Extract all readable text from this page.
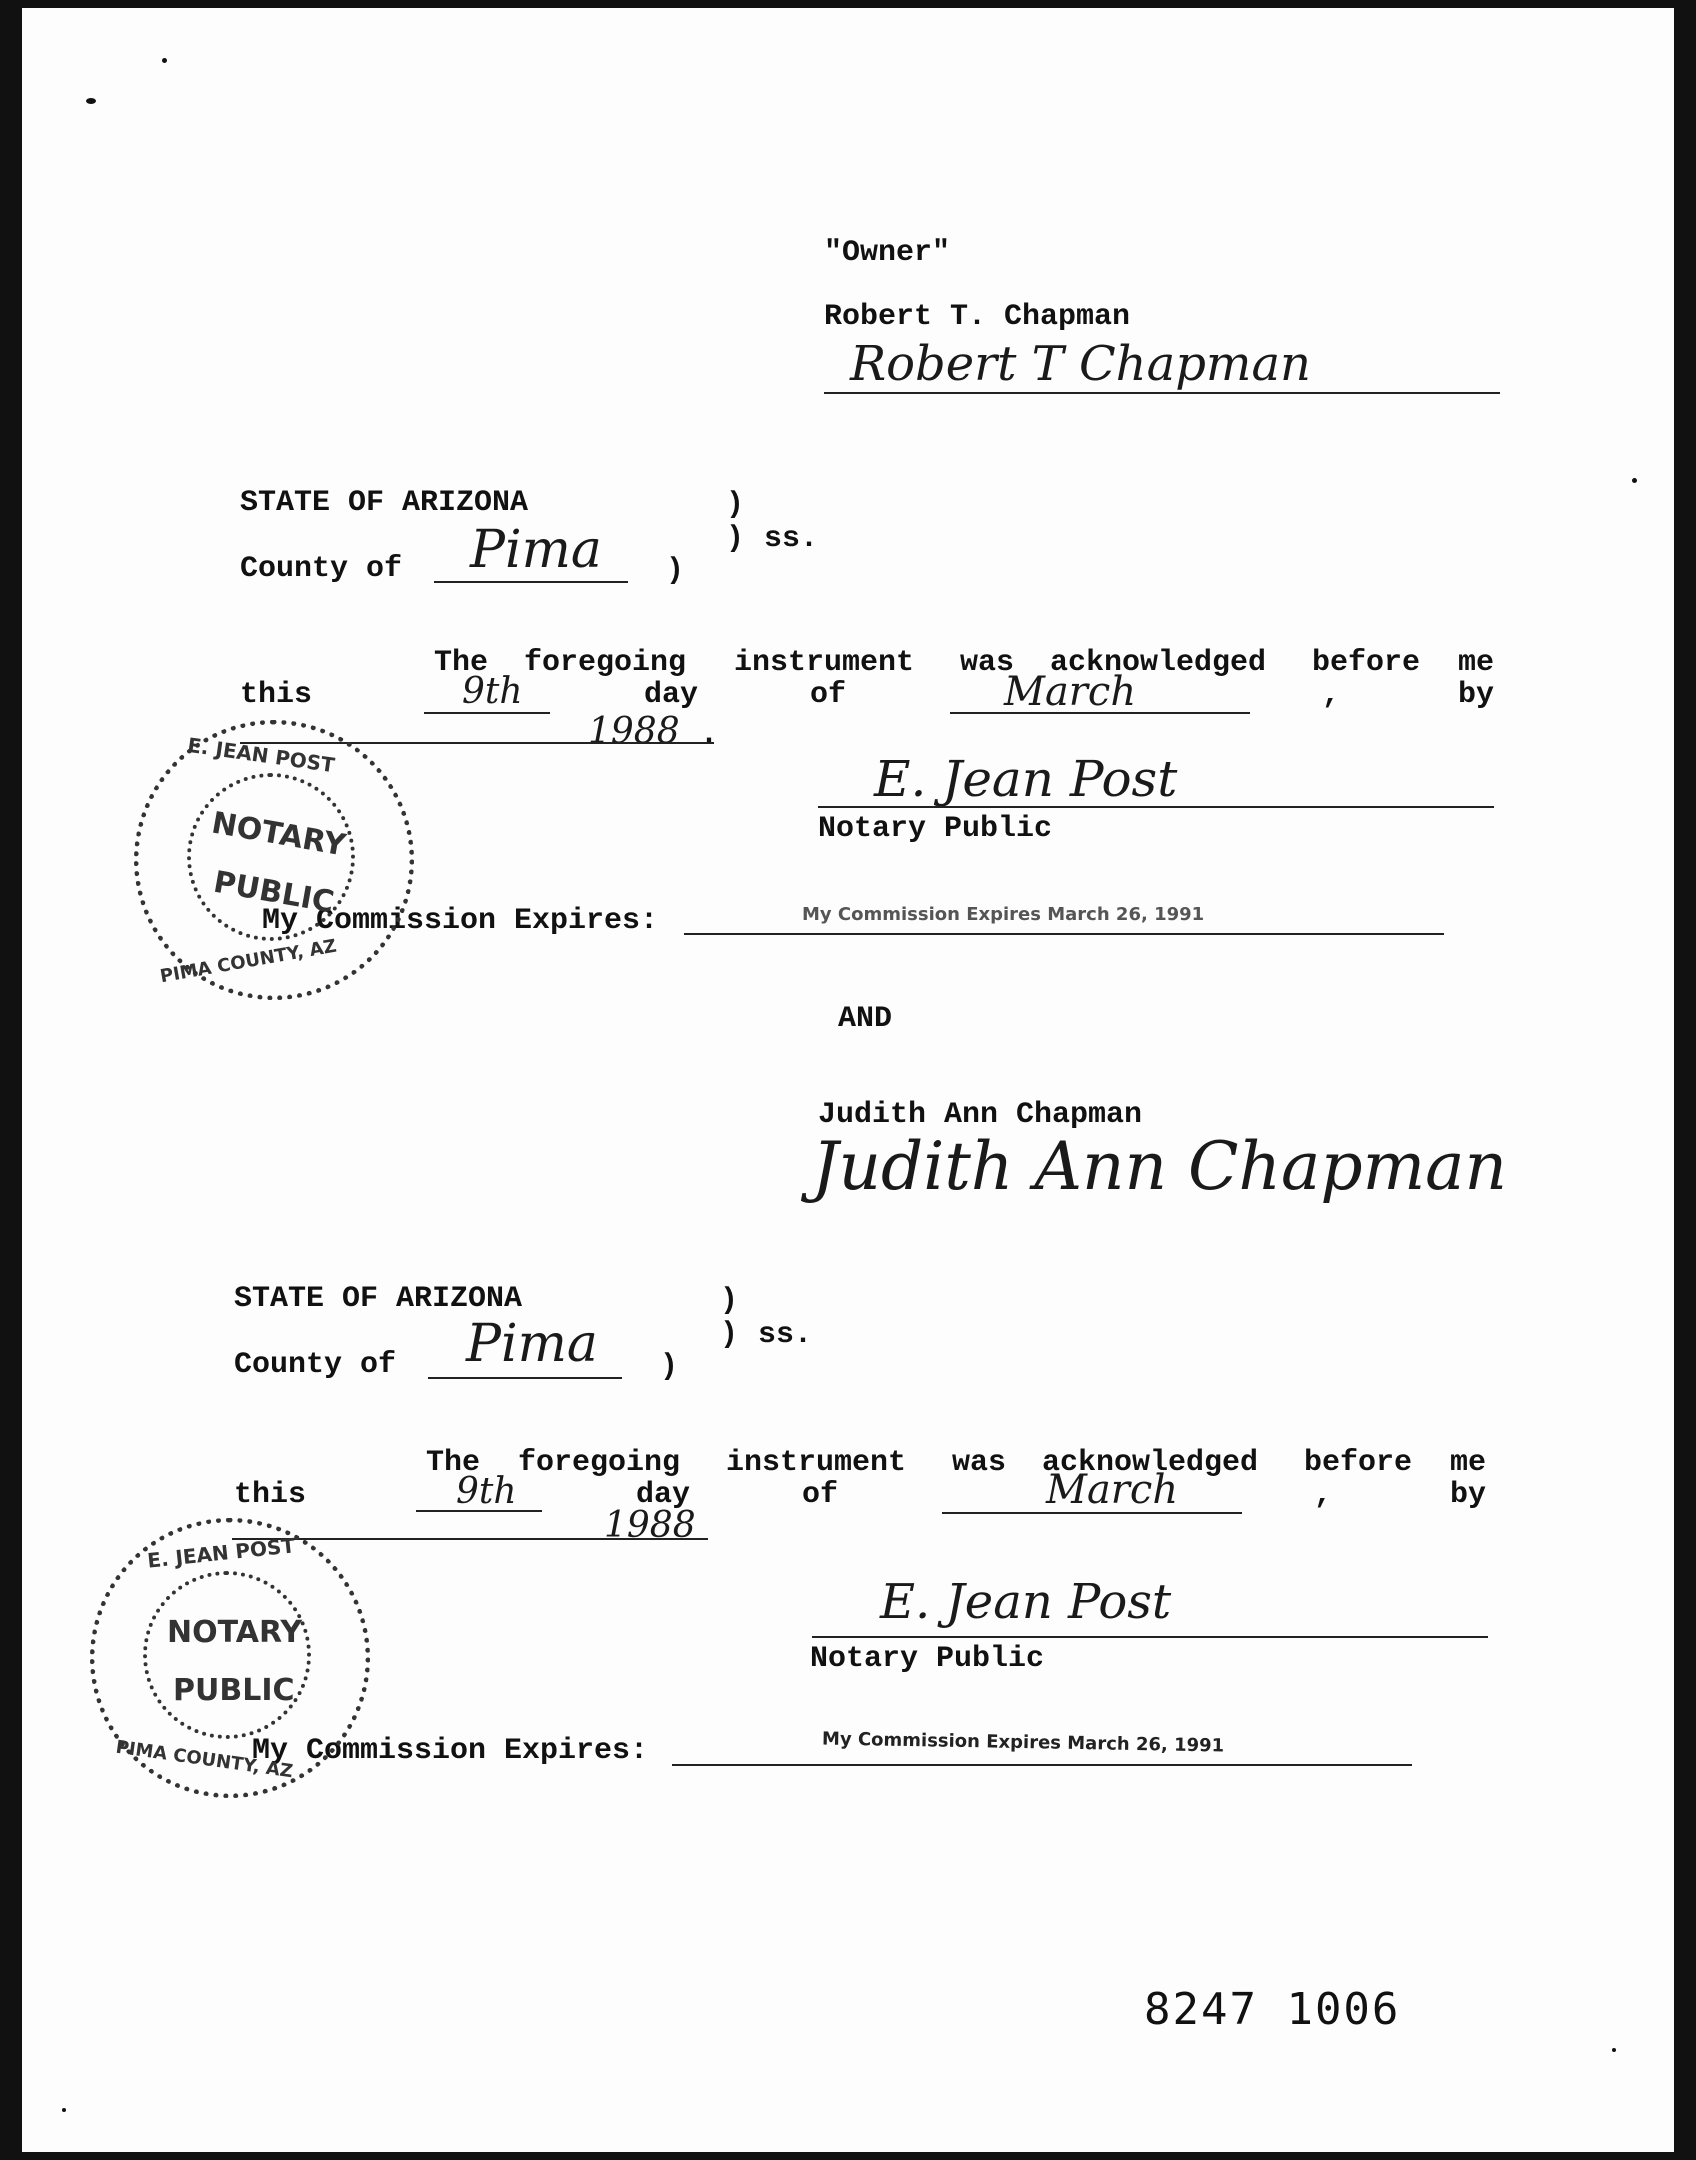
"Owner"
Robert T. Chapman
Robert T Chapman
STATE OF ARIZONA	)
) ss.
County of Pima )
The foregoing instrument was acknowledged before me
this	9th	day	of	March	,	by
1988 .
E. Jean Post
Notary Public
My Commission Expires:	My Commission Expires March 26, 1991
NOTARY
PUBLIC
E. JEAN POST
PIMA COUNTY, AZ
AND
Judith Ann Chapman
Judith Ann Chapman
STATE OF ARIZONA	)
) ss.
County of Pima )
The foregoing instrument was acknowledged before me
this	9th	day	of	March	,	by
1988
E. Jean Post
Notary Public
My Commission Expires:	My Commission Expires March 26, 1991
NOTARY
PUBLIC
E. JEAN POST
PIMA COUNTY, AZ
8247 1006
